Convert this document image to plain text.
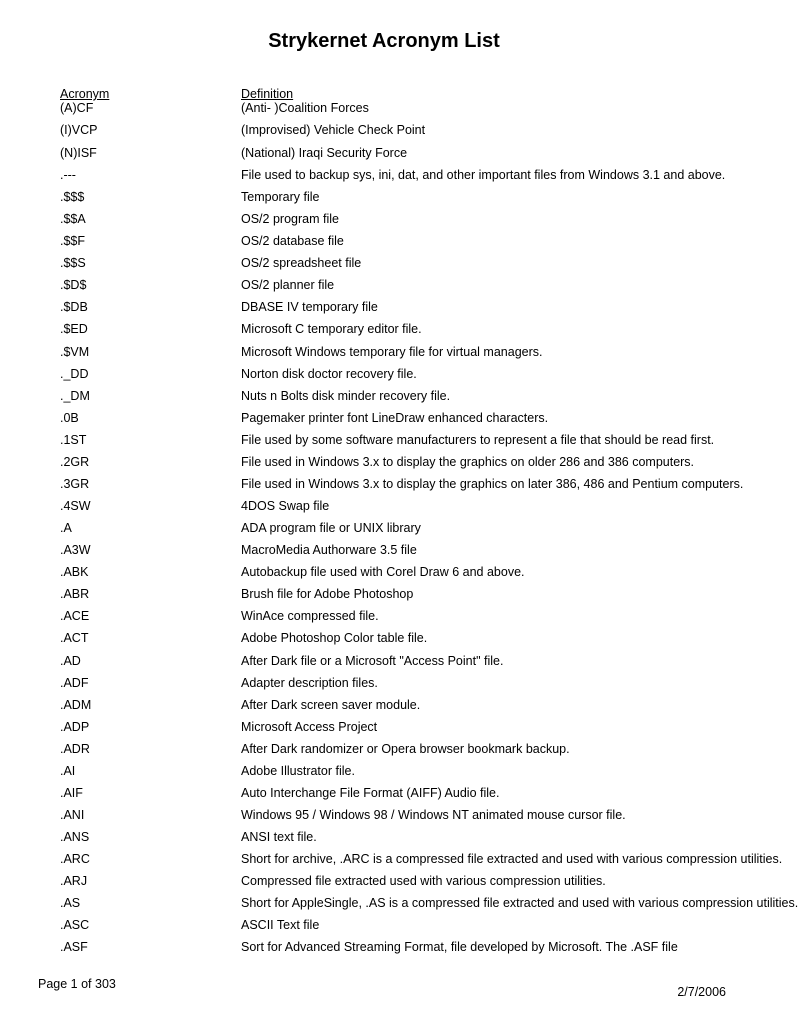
Strykernet Acronym List
Acronym	Definition
(A)CF	(Anti- )Coalition Forces
(I)VCP	(Improvised) Vehicle Check Point
(N)ISF	(National) Iraqi Security Force
.---	File used to backup sys, ini, dat, and other important files from Windows 3.1 and above.
.$$$	Temporary file
.$$A	OS/2 program file
.$$F	OS/2 database file
.$$S	OS/2 spreadsheet file
.$D$	OS/2 planner file
.$DB	DBASE IV temporary file
.$ED	Microsoft C temporary editor file.
.$VM	Microsoft Windows temporary file for virtual managers.
._DD	Norton disk doctor recovery file.
._DM	Nuts n Bolts disk minder recovery file.
.0B	Pagemaker printer font LineDraw enhanced characters.
.1ST	File used by some software manufacturers to represent a file that should be read first.
.2GR	File used in Windows 3.x to display the graphics on older 286 and 386 computers.
.3GR	File used in Windows 3.x to display the graphics on later 386, 486 and Pentium computers.
.4SW	4DOS Swap file
.A	ADA program file or UNIX library
.A3W	MacroMedia Authorware 3.5 file
.ABK	Autobackup file used with Corel Draw 6 and above.
.ABR	Brush file for Adobe Photoshop
.ACE	WinAce compressed file.
.ACT	Adobe Photoshop Color table file.
.AD	After Dark file or a Microsoft "Access Point" file.
.ADF	Adapter description files.
.ADM	After Dark screen saver module.
.ADP	Microsoft Access Project
.ADR	After Dark randomizer or Opera browser bookmark backup.
.AI	Adobe Illustrator file.
.AIF	Auto Interchange File Format (AIFF) Audio file.
.ANI	Windows 95 / Windows 98 / Windows NT animated mouse cursor file.
.ANS	ANSI text file.
.ARC	Short for archive, .ARC is a compressed file extracted and used with various compression utilities.
.ARJ	Compressed file extracted used with various compression utilities.
.AS	Short for AppleSingle, .AS is a compressed file extracted and used with various compression utilities.
.ASC	ASCII Text file
.ASF	Sort for Advanced Streaming Format, file developed by Microsoft. The .ASF file
Page 1 of 303
2/7/2006
